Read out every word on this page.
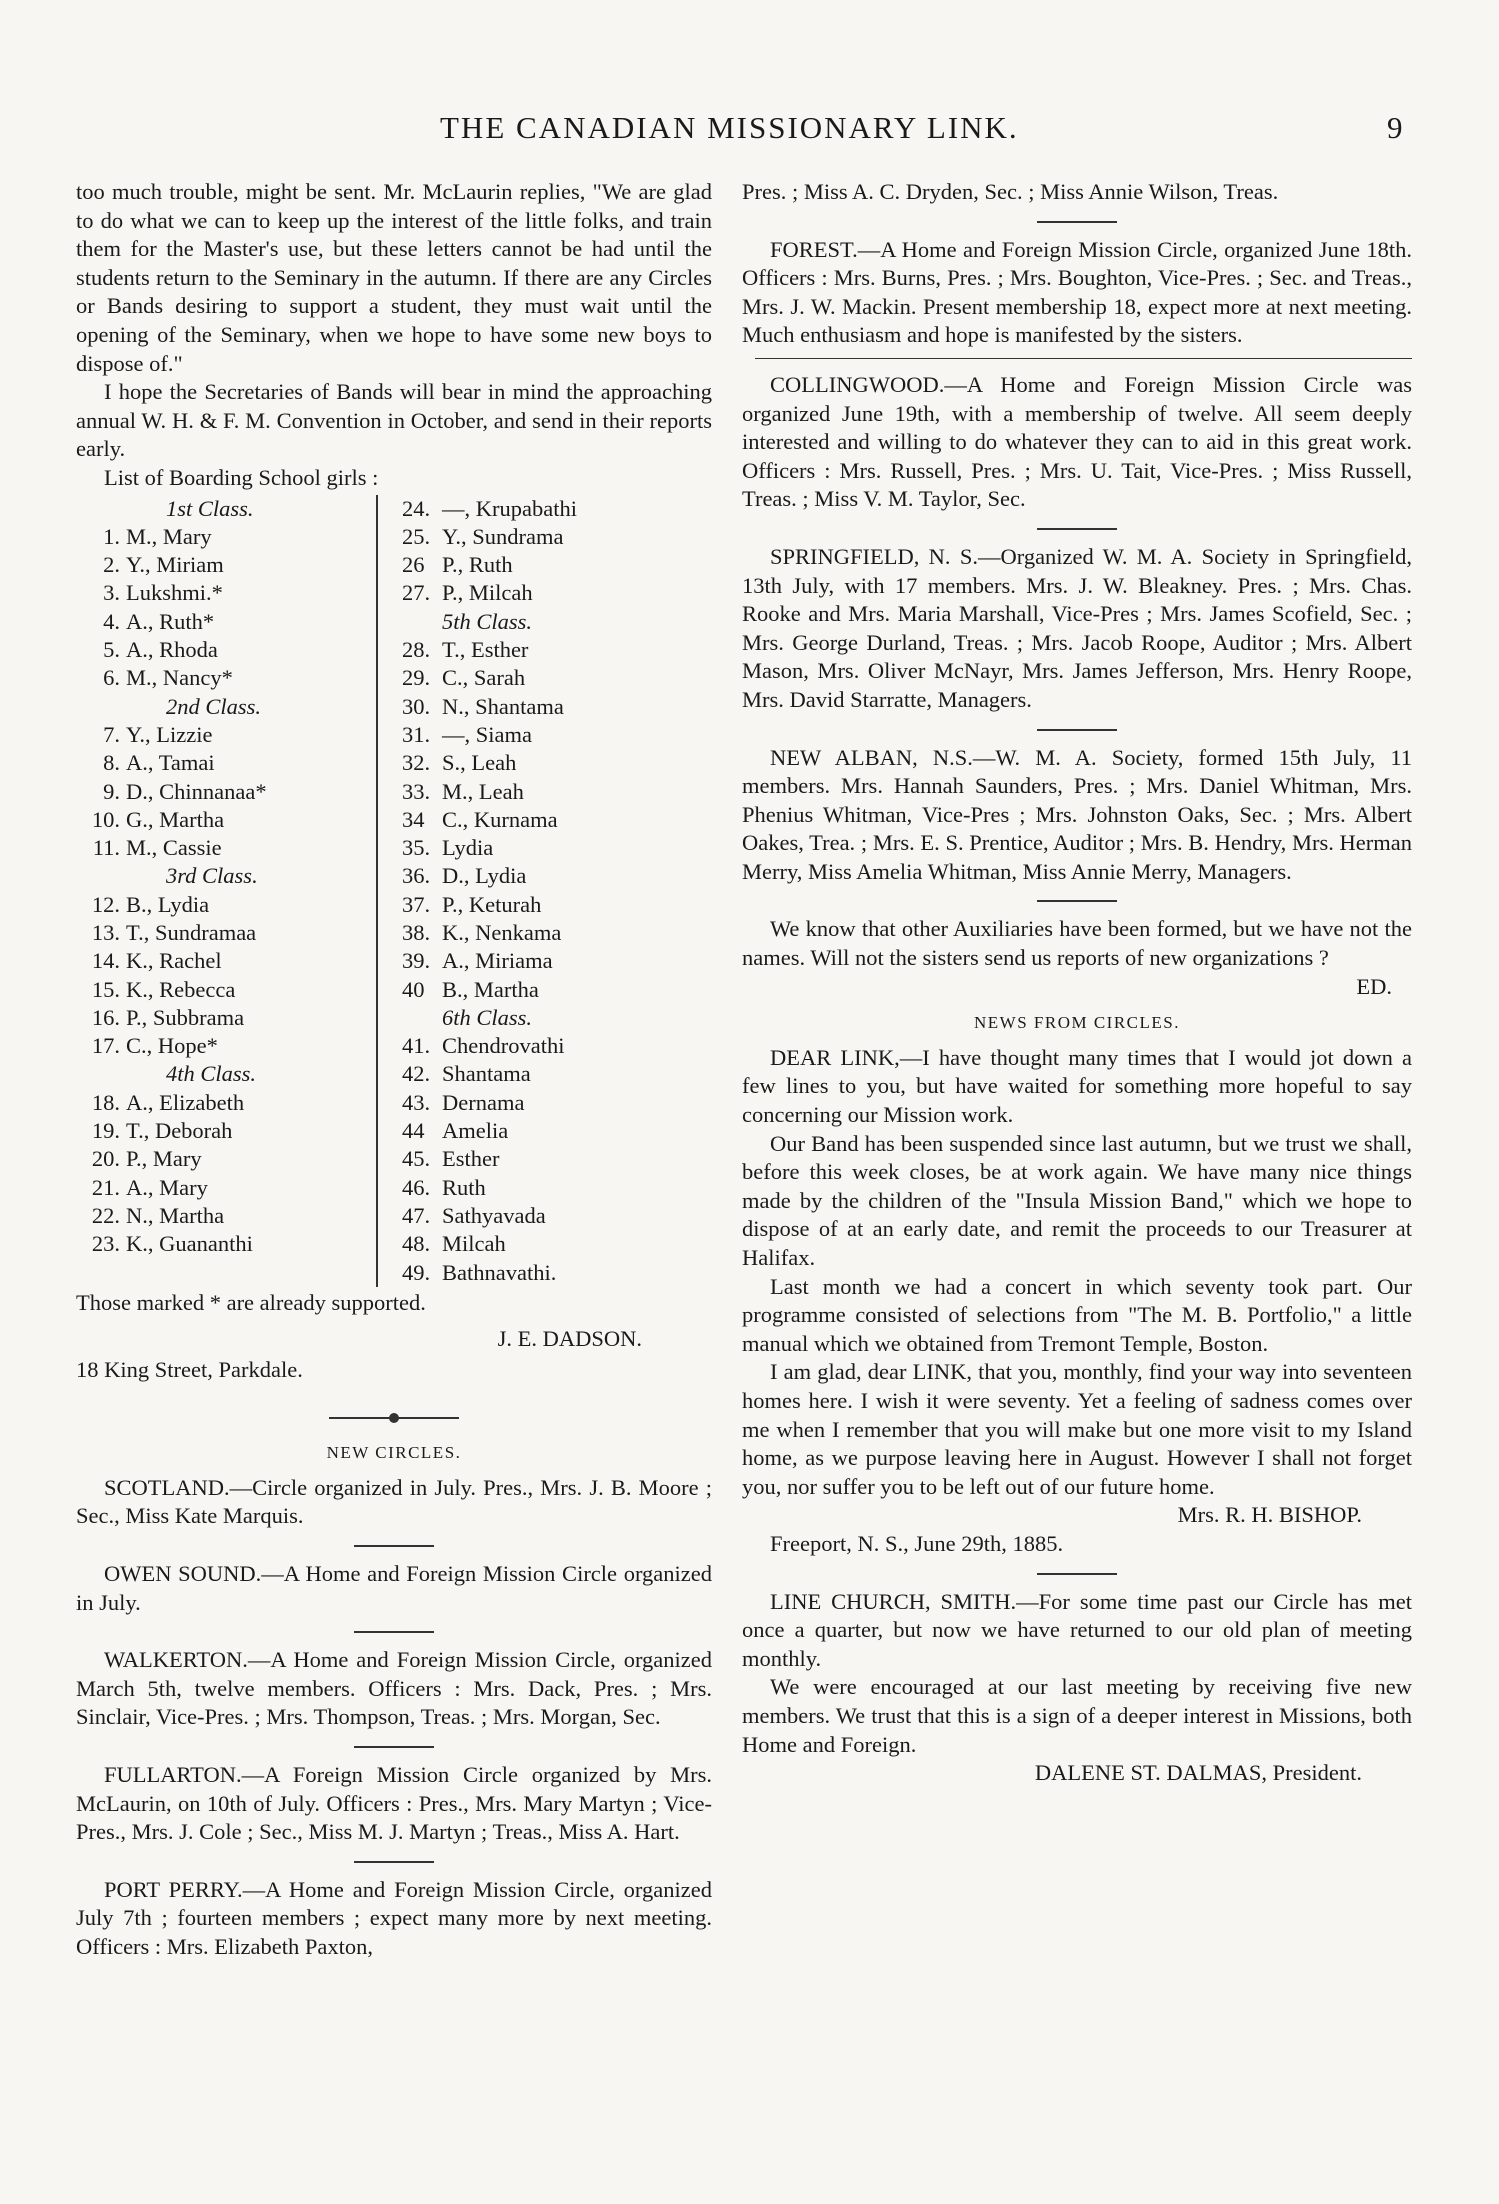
THE CANADIAN MISSIONARY LINK.	9

too much trouble, might be sent. Mr. McLaurin replies, "We are glad to do what we can to keep up the interest of the little folks, and train them for the Master's use, but these letters cannot be had until the students return to the Seminary in the autumn. If there are any Circles or Bands desiring to support a student, they must wait until the opening of the Seminary, when we hope to have some new boys to dispose of."

I hope the Secretaries of Bands will bear in mind the approaching annual W. H. & F. M. Convention in October, and send in their reports early.

List of Boarding School girls :

1st Class.
1. M., Mary
2. Y., Miriam
3. Lukshmi.*
4. A., Ruth*
5. A., Rhoda
6. M., Nancy*
2nd Class.
7. Y., Lizzie
8. A., Tamai
9. D., Chinnanaa*
10. G., Martha
11. M., Cassie
3rd Class.
12. B., Lydia
13. T., Sundramaa
14. K., Rachel
15. K., Rebecca
16. P., Subbrama
17. C., Hope*
4th Class.
18. A., Elizabeth
19. T., Deborah
20. P., Mary
21. A., Mary
22. N., Martha
23. K., Guananthi
24. —, Krupabathi
25. Y., Sundrama
26 P., Ruth
27. P., Milcah
5th Class.
28. T., Esther
29. C., Sarah
30. N., Shantama
31. —, Siama
32. S., Leah
33. M., Leah
34 C., Kurnama
35. Lydia
36. D., Lydia
37. P., Keturah
38. K., Nenkama
39. A., Miriama
40 B., Martha
6th Class.
41. Chendrovathi
42. Shantama
43. Dernama
44 Amelia
45. Esther
46. Ruth
47. Sathyavada
48. Milcah
49. Bathnavathi.

Those marked * are already supported.

J. E. DADSON.

18 King Street, Parkdale.

NEW CIRCLES.

SCOTLAND.—Circle organized in July. Pres., Mrs. J. B. Moore ; Sec., Miss Kate Marquis.

OWEN SOUND.—A Home and Foreign Mission Circle organized in July.

WALKERTON.—A Home and Foreign Mission Circle, organized March 5th, twelve members. Officers : Mrs. Dack, Pres. ; Mrs. Sinclair, Vice-Pres. ; Mrs. Thompson, Treas. ; Mrs. Morgan, Sec.

FULLARTON.—A Foreign Mission Circle organized by Mrs. McLaurin, on 10th of July. Officers : Pres., Mrs. Mary Martyn ; Vice-Pres., Mrs. J. Cole ; Sec., Miss M. J. Martyn ; Treas., Miss A. Hart.

PORT PERRY.—A Home and Foreign Mission Circle, organized July 7th ; fourteen members ; expect many more by next meeting. Officers : Mrs. Elizabeth Paxton,

Pres. ; Miss A. C. Dryden, Sec. ; Miss Annie Wilson, Treas.

FOREST.—A Home and Foreign Mission Circle, organized June 18th. Officers : Mrs. Burns, Pres. ; Mrs. Boughton, Vice-Pres. ; Sec. and Treas., Mrs. J. W. Mackin. Present membership 18, expect more at next meeting. Much enthusiasm and hope is manifested by the sisters.

COLLINGWOOD.—A Home and Foreign Mission Circle was organized June 19th, with a membership of twelve. All seem deeply interested and willing to do whatever they can to aid in this great work. Officers : Mrs. Russell, Pres. ; Mrs. U. Tait, Vice-Pres. ; Miss Russell, Treas. ; Miss V. M. Taylor, Sec.

SPRINGFIELD, N. S.—Organized W. M. A. Society in Springfield, 13th July, with 17 members. Mrs. J. W. Bleakney. Pres. ; Mrs. Chas. Rooke and Mrs. Maria Marshall, Vice-Pres ; Mrs. James Scofield, Sec. ; Mrs. George Durland, Treas. ; Mrs. Jacob Roope, Auditor ; Mrs. Albert Mason, Mrs. Oliver McNayr, Mrs. James Jefferson, Mrs. Henry Roope, Mrs. David Starratte, Managers.

NEW ALBAN, N.S.—W. M. A. Society, formed 15th July, 11 members. Mrs. Hannah Saunders, Pres. ; Mrs. Daniel Whitman, Mrs. Phenius Whitman, Vice-Pres ; Mrs. Johnston Oaks, Sec. ; Mrs. Albert Oakes, Trea. ; Mrs. E. S. Prentice, Auditor ; Mrs. B. Hendry, Mrs. Herman Merry, Miss Amelia Whitman, Miss Annie Merry, Managers.

We know that other Auxiliaries have been formed, but we have not the names. Will not the sisters send us reports of new organizations ?

ED.

NEWS FROM CIRCLES.

DEAR LINK,—I have thought many times that I would jot down a few lines to you, but have waited for something more hopeful to say concerning our Mission work.

Our Band has been suspended since last autumn, but we trust we shall, before this week closes, be at work again. We have many nice things made by the children of the "Insula Mission Band," which we hope to dispose of at an early date, and remit the proceeds to our Treasurer at Halifax.

Last month we had a concert in which seventy took part. Our programme consisted of selections from "The M. B. Portfolio," a little manual which we obtained from Tremont Temple, Boston.

I am glad, dear LINK, that you, monthly, find your way into seventeen homes here. I wish it were seventy. Yet a feeling of sadness comes over me when I remember that you will make but one more visit to my Island home, as we purpose leaving here in August. However I shall not forget you, nor suffer you to be left out of our future home.

Mrs. R. H. BISHOP.

Freeport, N. S., June 29th, 1885.

LINE CHURCH, SMITH.—For some time past our Circle has met once a quarter, but now we have returned to our old plan of meeting monthly.

We were encouraged at our last meeting by receiving five new members. We trust that this is a sign of a deeper interest in Missions, both Home and Foreign.

DALENE ST. DALMAS, President.
